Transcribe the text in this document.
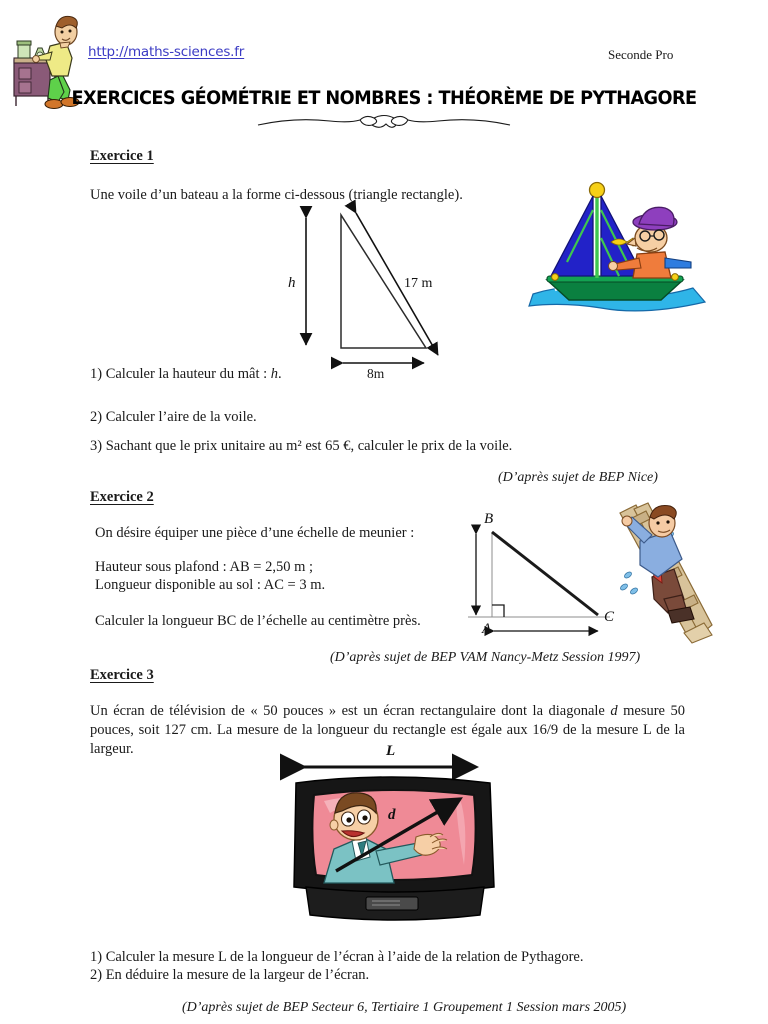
http://maths-sciences.fr	Seconde Pro
EXERCICES GÉOMÉTRIE ET NOMBRES : THÉORÈME DE PYTHAGORE
Exercice 1
Une voile d’un bateau a la forme ci-dessous (triangle rectangle).
h	17 m
8m
1) Calculer la hauteur du mât : h.
2) Calculer l’aire de la voile.
3) Sachant que le prix unitaire au m² est 65 €, calculer le prix de la voile.
(D’après sujet de BEP Nice)
Exercice 2
On désire équiper une pièce d’une échelle de meunier :
Hauteur sous plafond : AB = 2,50 m ;
Longueur disponible au sol : AC = 3 m.
Calculer la longueur BC de l’échelle au centimètre près.
B
A
C
(D’après sujet de BEP VAM Nancy-Metz Session 1997)
Exercice 3
Un écran de télévision de « 50 pouces » est un écran rectangulaire dont la diagonale d mesure 50 pouces, soit 127 cm. La mesure de la longueur du rectangle est égale aux 16/9 de la mesure L de la largeur.	L
d
1) Calculer la mesure L de la longueur de l’écran à l’aide de la relation de Pythagore.
2) En déduire la mesure de la largeur de l’écran.
(D’après sujet de BEP Secteur 6, Tertiaire 1 Groupement 1 Session mars 2005)
